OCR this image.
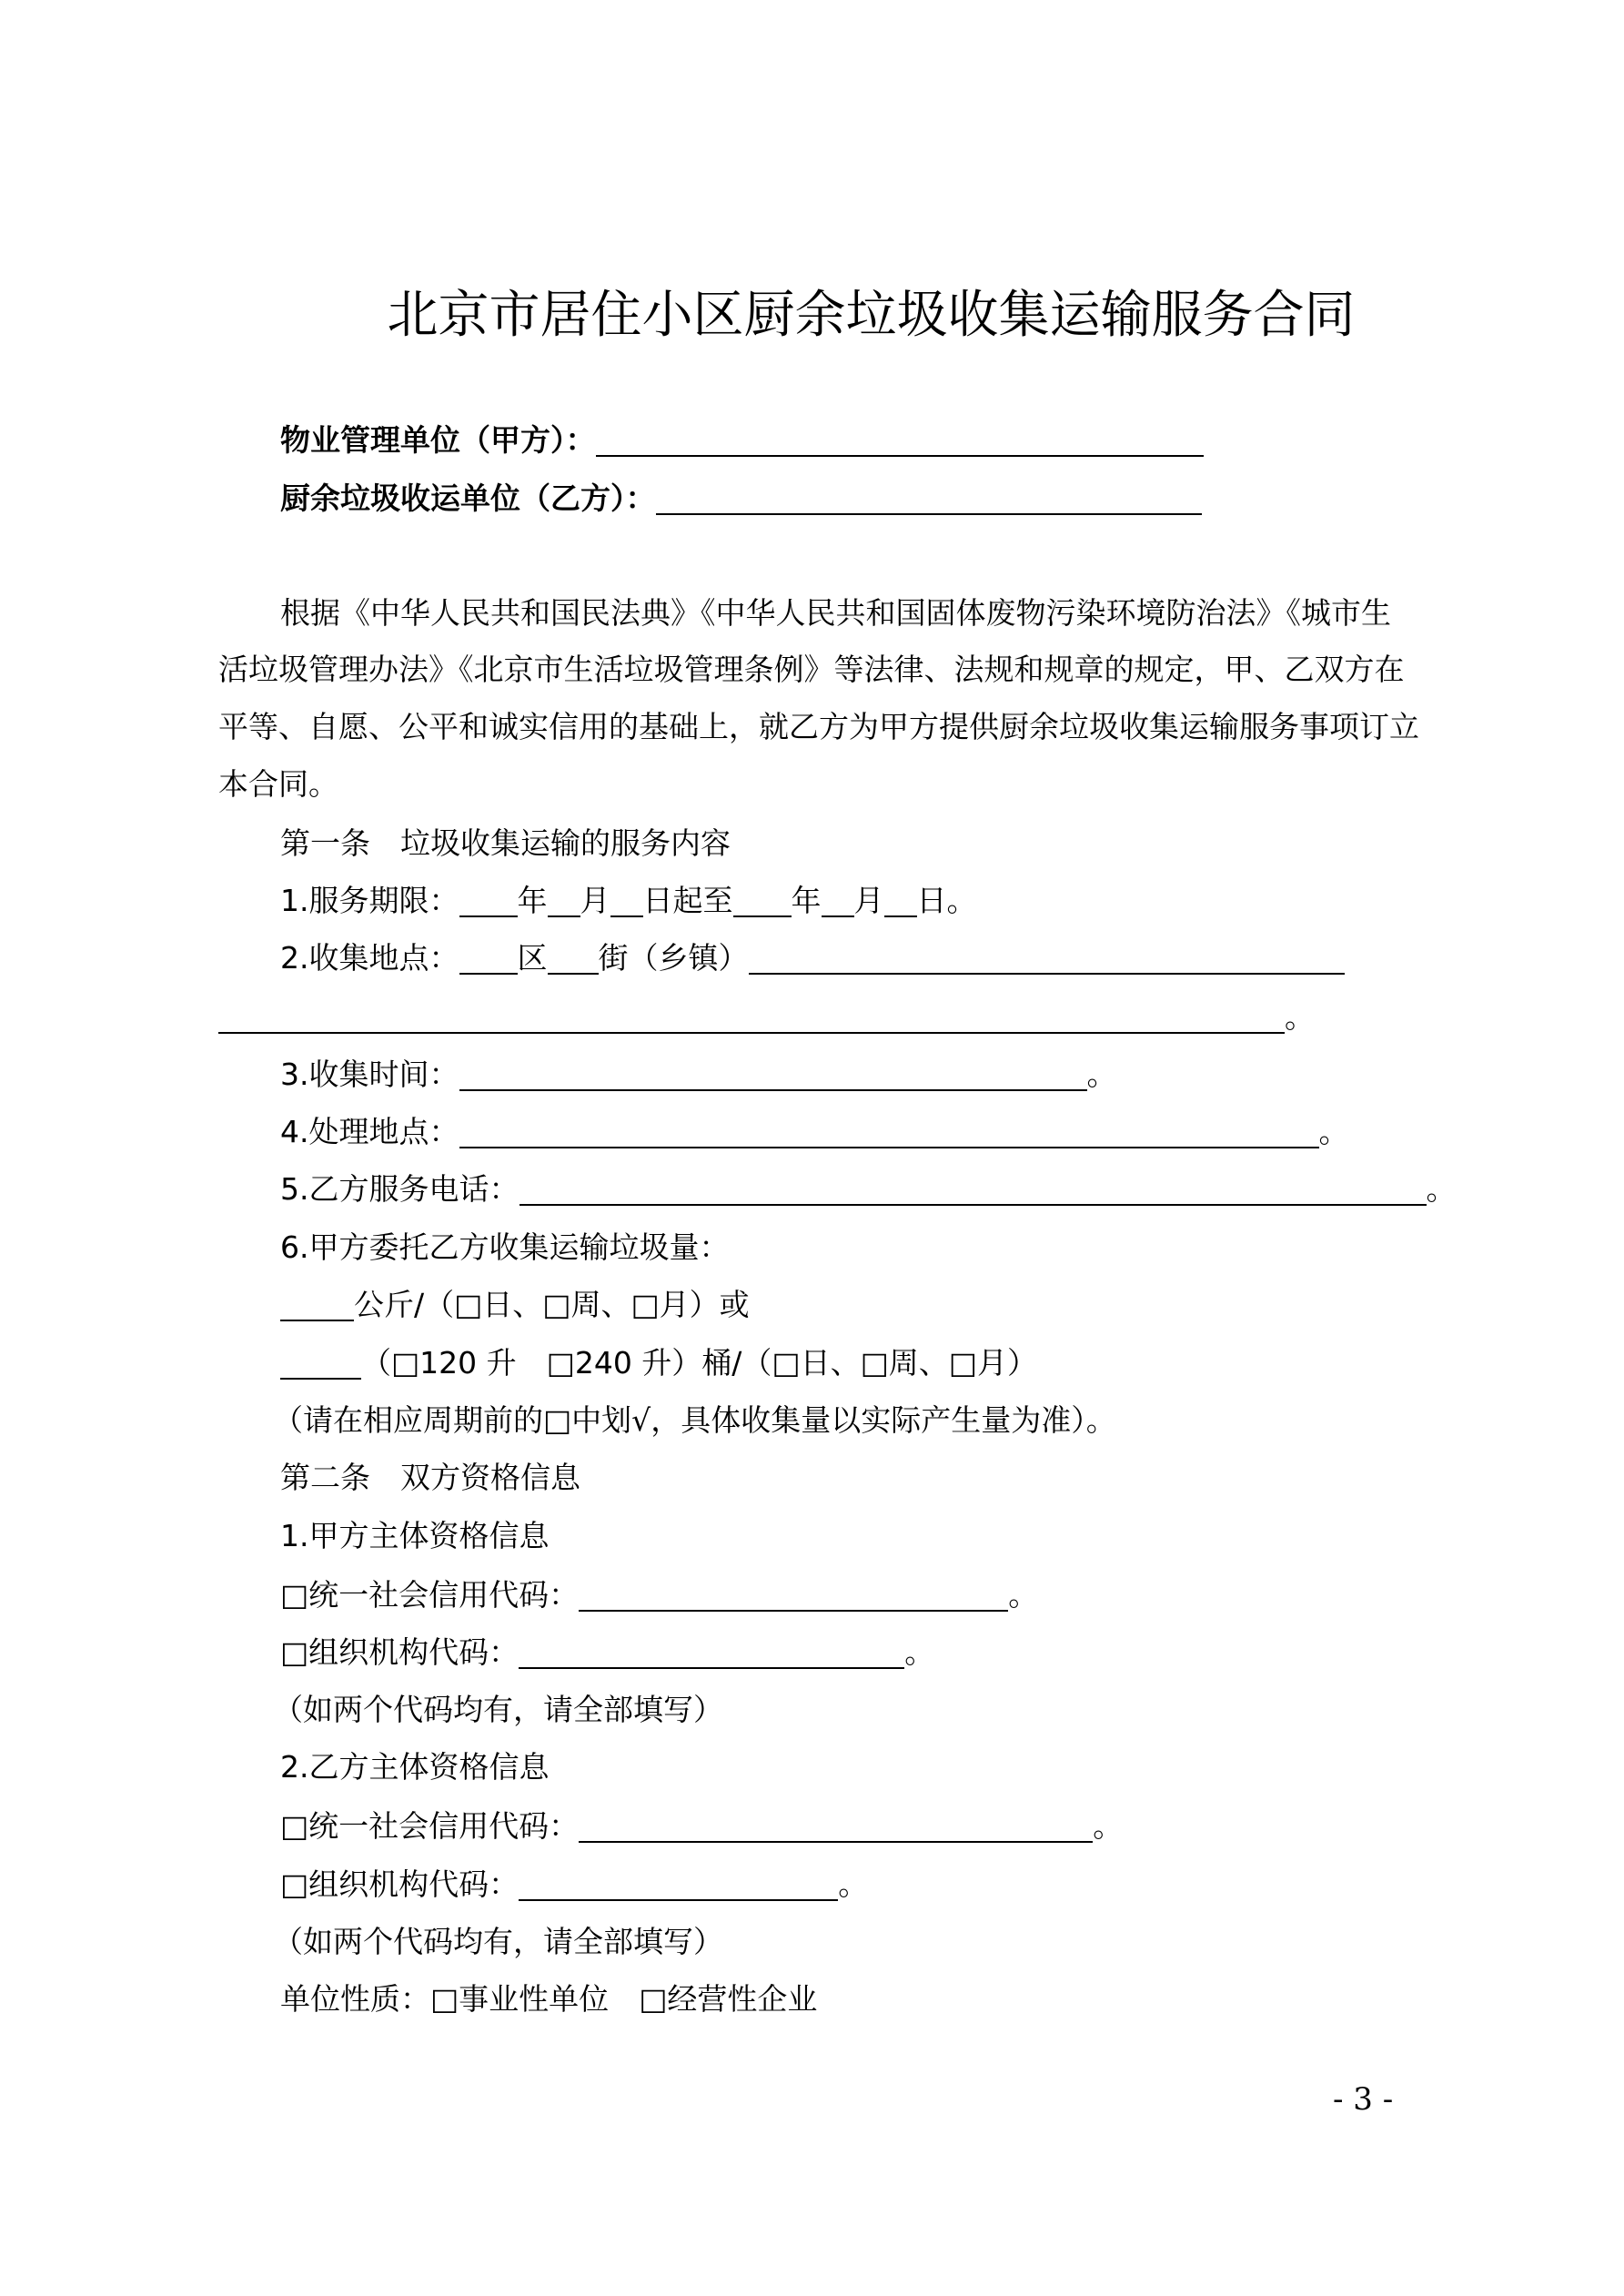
北京市居住小区厨余垃圾收集运输服务合同
物业管理单位（甲方）：
厨余垃圾收运单位（乙方）：
根据《中华人民共和国民法典》《中华人民共和国固体废物污染环境防治法》《城市生
活垃圾管理办法》《北京市生活垃圾管理条例》等法律、法规和规章的规定，甲、乙双方在
平等、自愿、公平和诚实信用的基础上，就乙方为甲方提供厨余垃圾收集运输服务事项订立
本合同。
第一条　垃圾收集运输的服务内容
1.服务期限： 年 月 日起至 年 月 日。
2.收集地点： 区 街（乡镇）
。
3.收集时间：	。
4.处理地点：	。
5.乙方服务电话：	。
6.甲方委托乙方收集运输垃圾量：
公斤/（□日、□周、□月）或
（□120 升　□240 升）桶/（□日、□周、□月）
（请在相应周期前的□中划√，具体收集量以实际产生量为准）。
第二条　双方资格信息
1.甲方主体资格信息
□统一社会信用代码：	。
□组织机构代码：	。
（如两个代码均有，请全部填写）
2.乙方主体资格信息
□统一社会信用代码：	。
□组织机构代码：	。
（如两个代码均有，请全部填写）
单位性质：□事业性单位　 □经营性企业
- 3 -
